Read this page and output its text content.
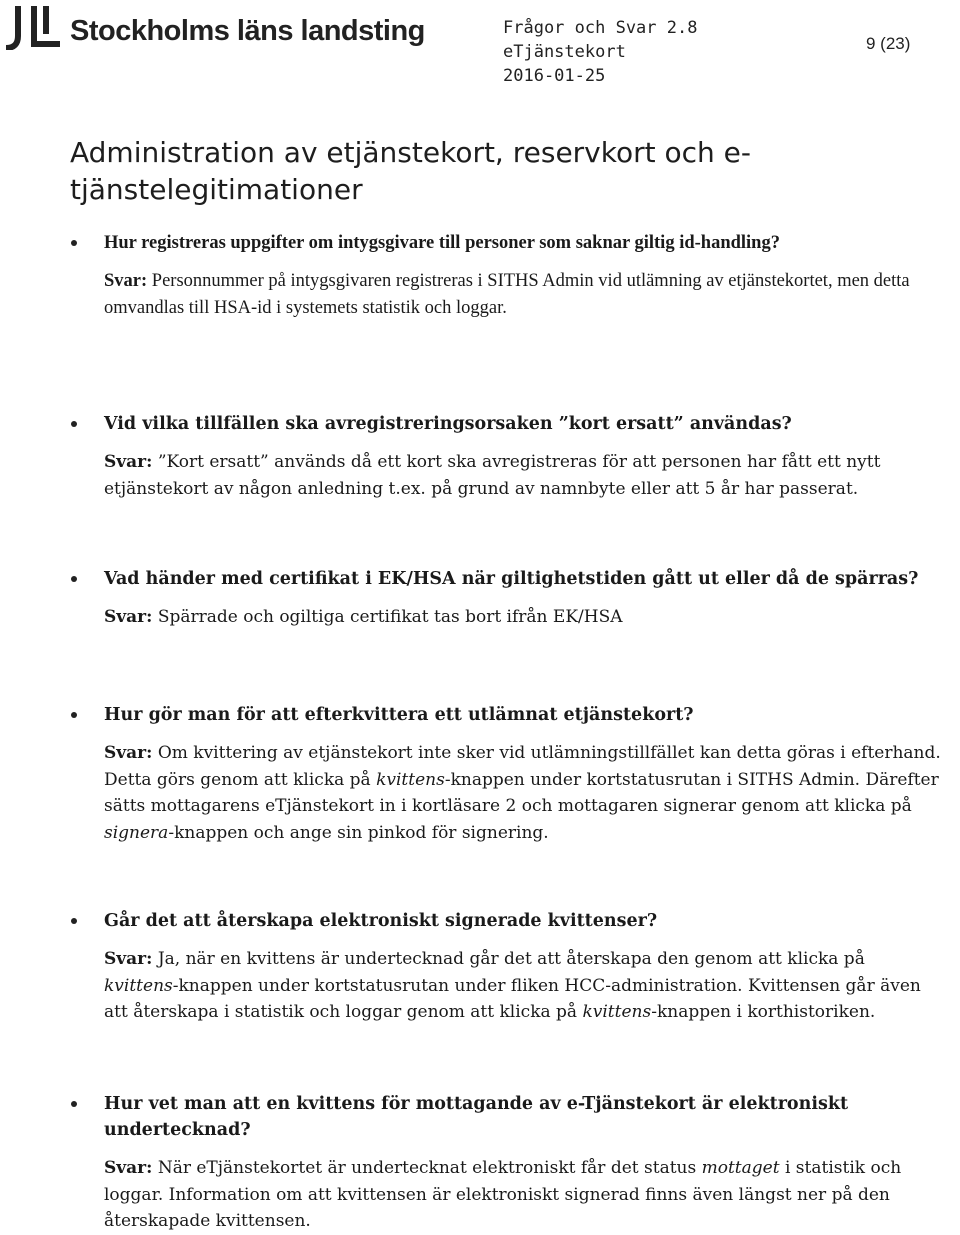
Stockholms läns landsting	Frågor och Svar 2.8
eTjänstekort
2016-01-25
9 (23)
Administration av etjänstekort, reservkort och e-tjänstelegitimationer
Hur registreras uppgifter om intygsgivare till personer som saknar giltig id-handling?
Svar: Personnummer på intygsgivaren registreras i SITHS Admin vid utlämning av etjänstekortet, men detta omvandlas till HSA-id i systemets statistik och loggar.
Vid vilka tillfällen ska avregistreringsorsaken ”kort ersatt” användas?
Svar: ”Kort ersatt” används då ett kort ska avregistreras för att personen har fått ett nytt etjänstekort av någon anledning t.ex. på grund av namnbyte eller att 5 år har passerat.
Vad händer med certifikat i EK/HSA när giltighetstiden gått ut eller då de spärras?
Svar: Spärrade och ogiltiga certifikat tas bort ifrån EK/HSA
Hur gör man för att efterkvittera ett utlämnat etjänstekort?
Svar: Om kvittering av etjänstekort inte sker vid utlämningstillfället kan detta göras i efterhand. Detta görs genom att klicka på kvittens-knappen under kortstatusrutan i SITHS Admin. Därefter sätts mottagarens eTjänstekort in i kortläsare 2 och mottagaren signerar genom att klicka på signera-knappen och ange sin pinkod för signering.
Går det att återskapa elektroniskt signerade kvittenser?
Svar: Ja, när en kvittens är undertecknad går det att återskapa den genom att klicka på kvittens-knappen under kortstatusrutan under fliken HCC-administration. Kvittensen går även att återskapa i statistik och loggar genom att klicka på kvittens-knappen i korthistoriken.
Hur vet man att en kvittens för mottagande av e-Tjänstekort är elektroniskt undertecknad?
Svar: När eTjänstekortet är undertecknat elektroniskt får det status mottaget i statistik och loggar. Information om att kvittensen är elektroniskt signerad finns även längst ner på den återskapade kvittensen.
